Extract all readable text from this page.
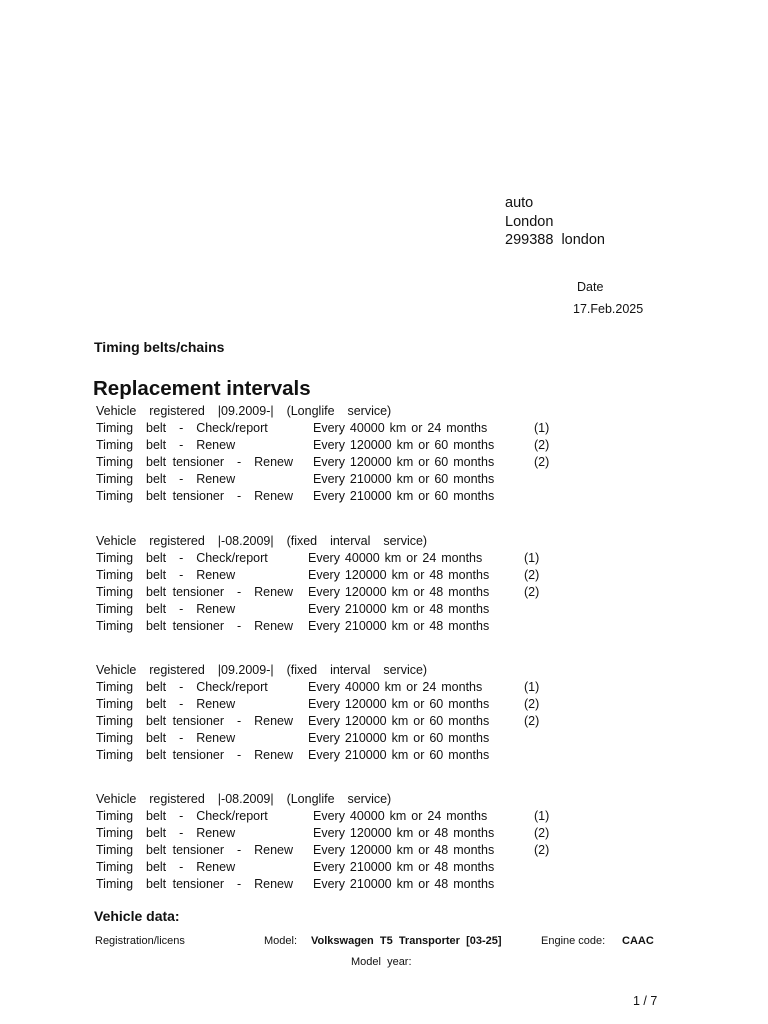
auto
London
299388  london
Date
17.Feb.2025
Timing belts/chains
Replacement intervals
Vehicle  registered  |09.2009-|  (Longlife  service)
Timing  belt  -  Check/report	Every 40000 km or 24 months	(1)
Timing  belt  -  Renew	Every 120000 km or 60 months	(2)
Timing  belt tensioner  -  Renew Every 120000 km or 60 months	(2)
Timing  belt  -  Renew	Every 210000 km or 60 months
Timing  belt tensioner  -  Renew Every 210000 km or 60 months
Vehicle  registered  |-08.2009|  (fixed  interval  service)
Timing  belt  -  Check/report	Every 40000 km or 24 months	(1)
Timing  belt  -  Renew	Every 120000 km or 48 months	(2)
Timing  belt tensioner  -  Renew Every 120000 km or 48 months	(2)
Timing  belt  -  Renew	Every 210000 km or 48 months
Timing  belt tensioner  -  Renew Every 210000 km or 48 months
Vehicle  registered  |09.2009-|  (fixed  interval  service)
Timing  belt  -  Check/report	Every 40000 km or 24 months	(1)
Timing  belt  -  Renew	Every 120000 km or 60 months	(2)
Timing  belt tensioner  -  Renew Every 120000 km or 60 months	(2)
Timing  belt  -  Renew	Every 210000 km or 60 months
Timing  belt tensioner  -  Renew Every 210000 km or 60 months
Vehicle  registered  |-08.2009|  (Longlife  service)
Timing  belt  -  Check/report	Every 40000 km or 24 months	(1)
Timing  belt  -  Renew	Every 120000 km or 48 months	(2)
Timing  belt tensioner  -  Renew Every 120000 km or 48 months	(2)
Timing  belt  -  Renew	Every 210000 km or 48 months
Timing  belt tensioner  -  Renew Every 210000 km or 48 months
Vehicle data:
Registration/licens	Model: Volkswagen  T5  Transporter  [03-25]	Engine code: CAAC
Model  year:
1 / 7
